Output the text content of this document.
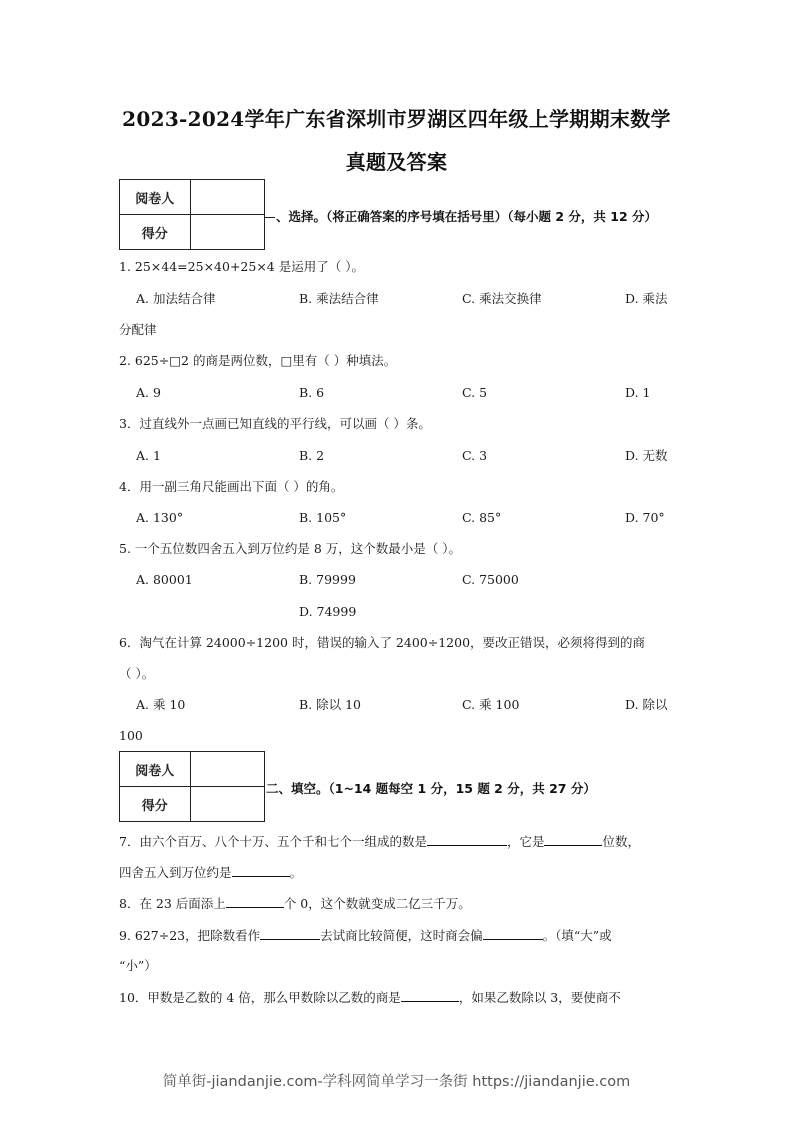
2023-2024学年广东省深圳市罗湖区四年级上学期期末数学
真题及答案
阅卷人	
得分	
、选择。（将正确答案的序号填在括号里）（每小题 2 分，共 12 分）
1. 25×44=25×40+25×4 是运用了（ ）。
A. 加法结合律	B. 乘法结合律	C. 乘法交换律	D. 乘法
分配律
2. 625÷□2 的商是两位数，□里有（ ）种填法。
A. 9	B. 6	C. 5	D. 1
3．过直线外一点画已知直线的平行线，可以画（ ）条。
A. 1	B. 2	C. 3	D. 无数
4．用一副三角尺能画出下面（ ）的角。
A. 130°	B. 105°	C. 85°	D. 70°
5. 一个五位数四舍五入到万位约是 8 万，这个数最小是（ ）。
A. 80001	B. 79999	C. 75000
D. 74999
6．淘气在计算 24000÷1200 时，错误的输入了 2400÷1200，要改正错误，必须将得到的商
（ ）。
A. 乘 10	B. 除以 10	C. 乘 100	D. 除以
100
阅卷人	
得分	
二、填空。（1~14 题每空 1 分，15 题 2 分，共 27 分）
7．由六个百万、八个十万、五个千和七个一组成的数是	，它是	位数，
四舍五入到万位约是	。
8．在 23 后面添上	个 0，这个数就变成二亿三千万。
9. 627÷23，把除数看作	去试商比较简便，这时商会偏	。（填“大”或
“小”）
10．甲数是乙数的 4 倍，那么甲数除以乙数的商是	，如果乙数除以 3，要使商不
简单街-jiandanjie.com-学科网简单学习一条街 https://jiandanjie.com
